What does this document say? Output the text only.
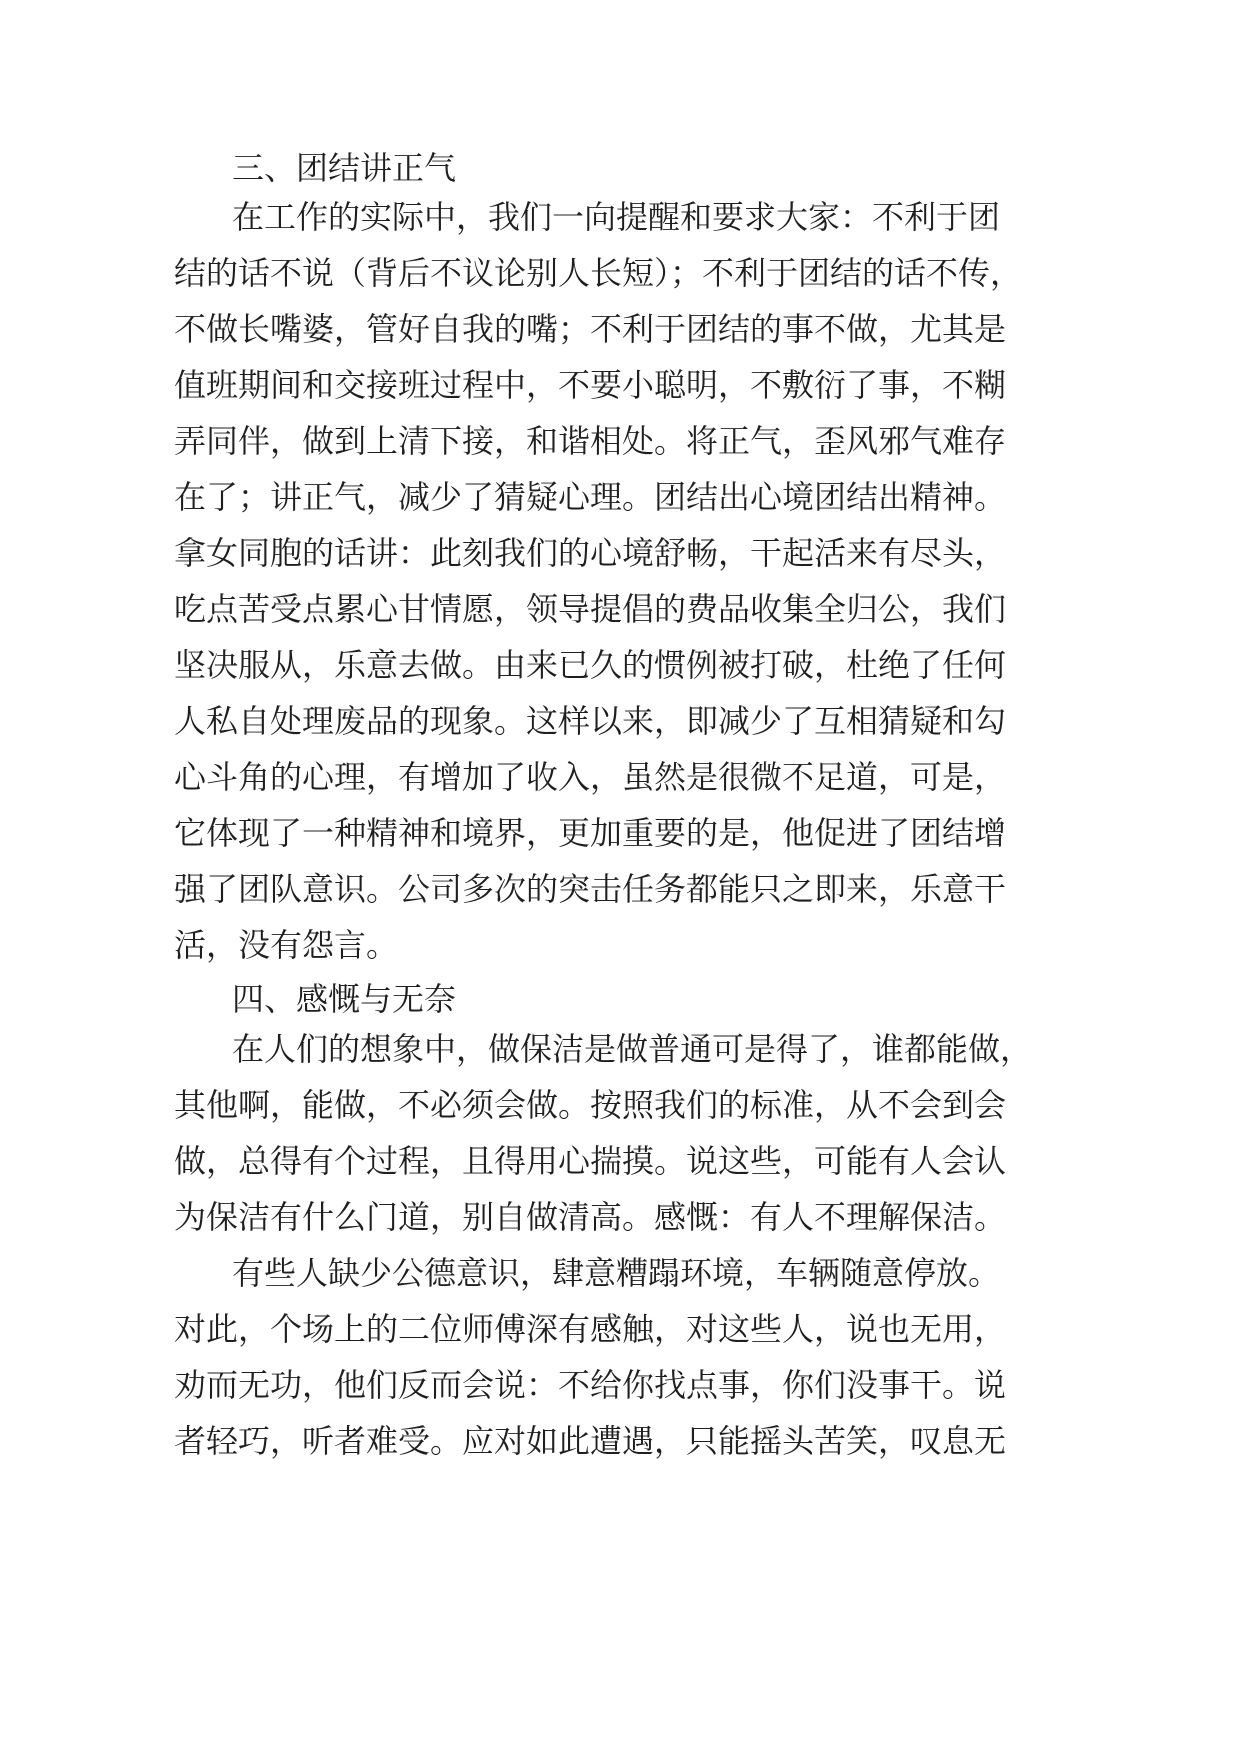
三、团结讲正气
在工作的实际中，我们一向提醒和要求大家：不利于团
结的话不说（背后不议论别人长短）；不利于团结的话不传，
不做长嘴婆，管好自我的嘴；不利于团结的事不做，尤其是
值班期间和交接班过程中，不要小聪明，不敷衍了事，不糊
弄同伴，做到上清下接，和谐相处。将正气，歪风邪气难存
在了；讲正气，减少了猜疑心理。团结出心境团结出精神。
拿女同胞的话讲：此刻我们的心境舒畅，干起活来有尽头，
吃点苦受点累心甘情愿，领导提倡的费品收集全归公，我们
坚决服从，乐意去做。由来已久的惯例被打破，杜绝了任何
人私自处理废品的现象。这样以来，即减少了互相猜疑和勾
心斗角的心理，有增加了收入，虽然是很微不足道，可是，
它体现了一种精神和境界，更加重要的是，他促进了团结增
强了团队意识。公司多次的突击任务都能只之即来，乐意干
活，没有怨言。
四、感慨与无奈
在人们的想象中，做保洁是做普通可是得了，谁都能做，
其他啊，能做，不必须会做。按照我们的标准，从不会到会
做，总得有个过程，且得用心揣摸。说这些，可能有人会认
为保洁有什么门道，别自做清高。感慨：有人不理解保洁。
有些人缺少公德意识，肆意糟蹋环境，车辆随意停放。
对此，个场上的二位师傅深有感触，对这些人，说也无用，
劝而无功，他们反而会说：不给你找点事，你们没事干。说
者轻巧，听者难受。应对如此遭遇，只能摇头苦笑，叹息无
